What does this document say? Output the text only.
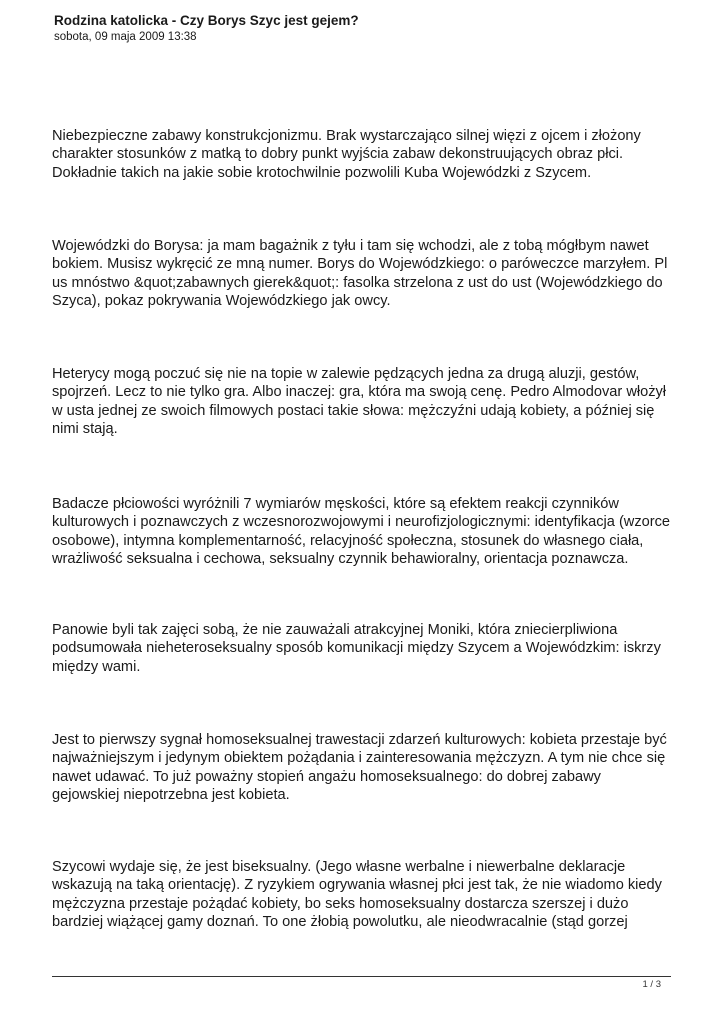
Rodzina katolicka - Czy Borys Szyc jest gejem?

sobota, 09 maja 2009 13:38

Niebezpieczne zabawy konstrukcjonizmu. Brak wystarczająco silnej więzi z ojcem i złożony charakter stosunków z matką to dobry punkt wyjścia zabaw dekonstruujących obraz płci. Dokładnie takich na jakie sobie krotochwilnie pozwolili Kuba Wojewódzki z Szycem.

Wojewódzki do Borysa: ja mam bagażnik z tyłu i tam się wchodzi, ale z tobą mógłbym nawet bokiem. Musisz wykręcić ze mną numer. Borys do Wojewódzkiego: o paróweczce marzyłem. Pl us mnóstwo &quot;zabawnych gierek&quot;: fasolka strzelona z ust do ust (Wojewódzkiego do Szyca), pokaz pokrywania Wojewódzkiego jak owcy.

Heterycy mogą poczuć się nie na topie w zalewie pędzących jedna za drugą aluzji, gestów, spojrzeń. Lecz to nie tylko gra. Albo inaczej: gra, która ma swoją cenę. Pedro Almodovar włożył w usta jednej ze swoich filmowych postaci takie słowa: mężczyźni udają kobiety, a później się nimi stają.

Badacze płciowości wyróżnili 7 wymiarów męskości, które są efektem reakcji czynników kulturowych i poznawczych z wczesnorozwojowymi i neurofizjologicznymi: identyfikacja (wzorce osobowe), intymna komplementarność, relacyjność społeczna, stosunek do własnego ciała, wrażliwość seksualna i cechowa, seksualny czynnik behawioralny, orientacja poznawcza.

Panowie byli tak zajęci sobą, że nie zauważali atrakcyjnej Moniki, która zniecierpliwiona podsumowała nieheteroseksualny sposób komunikacji między Szycem a Wojewódzkim: iskrzy między wami.

Jest to pierwszy sygnał homoseksualnej trawestacji zdarzeń kulturowych: kobieta przestaje być najważniejszym i jedynym obiektem pożądania i zainteresowania mężczyzn. A tym nie chce się nawet udawać. To już poważny stopień angażu homoseksualnego: do dobrej zabawy gejowskiej niepotrzebna jest kobieta.

Szycowi wydaje się, że jest biseksualny. (Jego własne werbalne i niewerbalne deklaracje wskazują na taką orientację). Z ryzykiem ogrywania własnej płci jest tak, że nie wiadomo kiedy mężczyzna przestaje pożądać kobiety, bo seks homoseksualny dostarcza szerszej i dużo bardziej wiążącej gamy doznań. To one żłobią powolutku, ale nieodwracalnie (stąd gorzej

1 / 3
